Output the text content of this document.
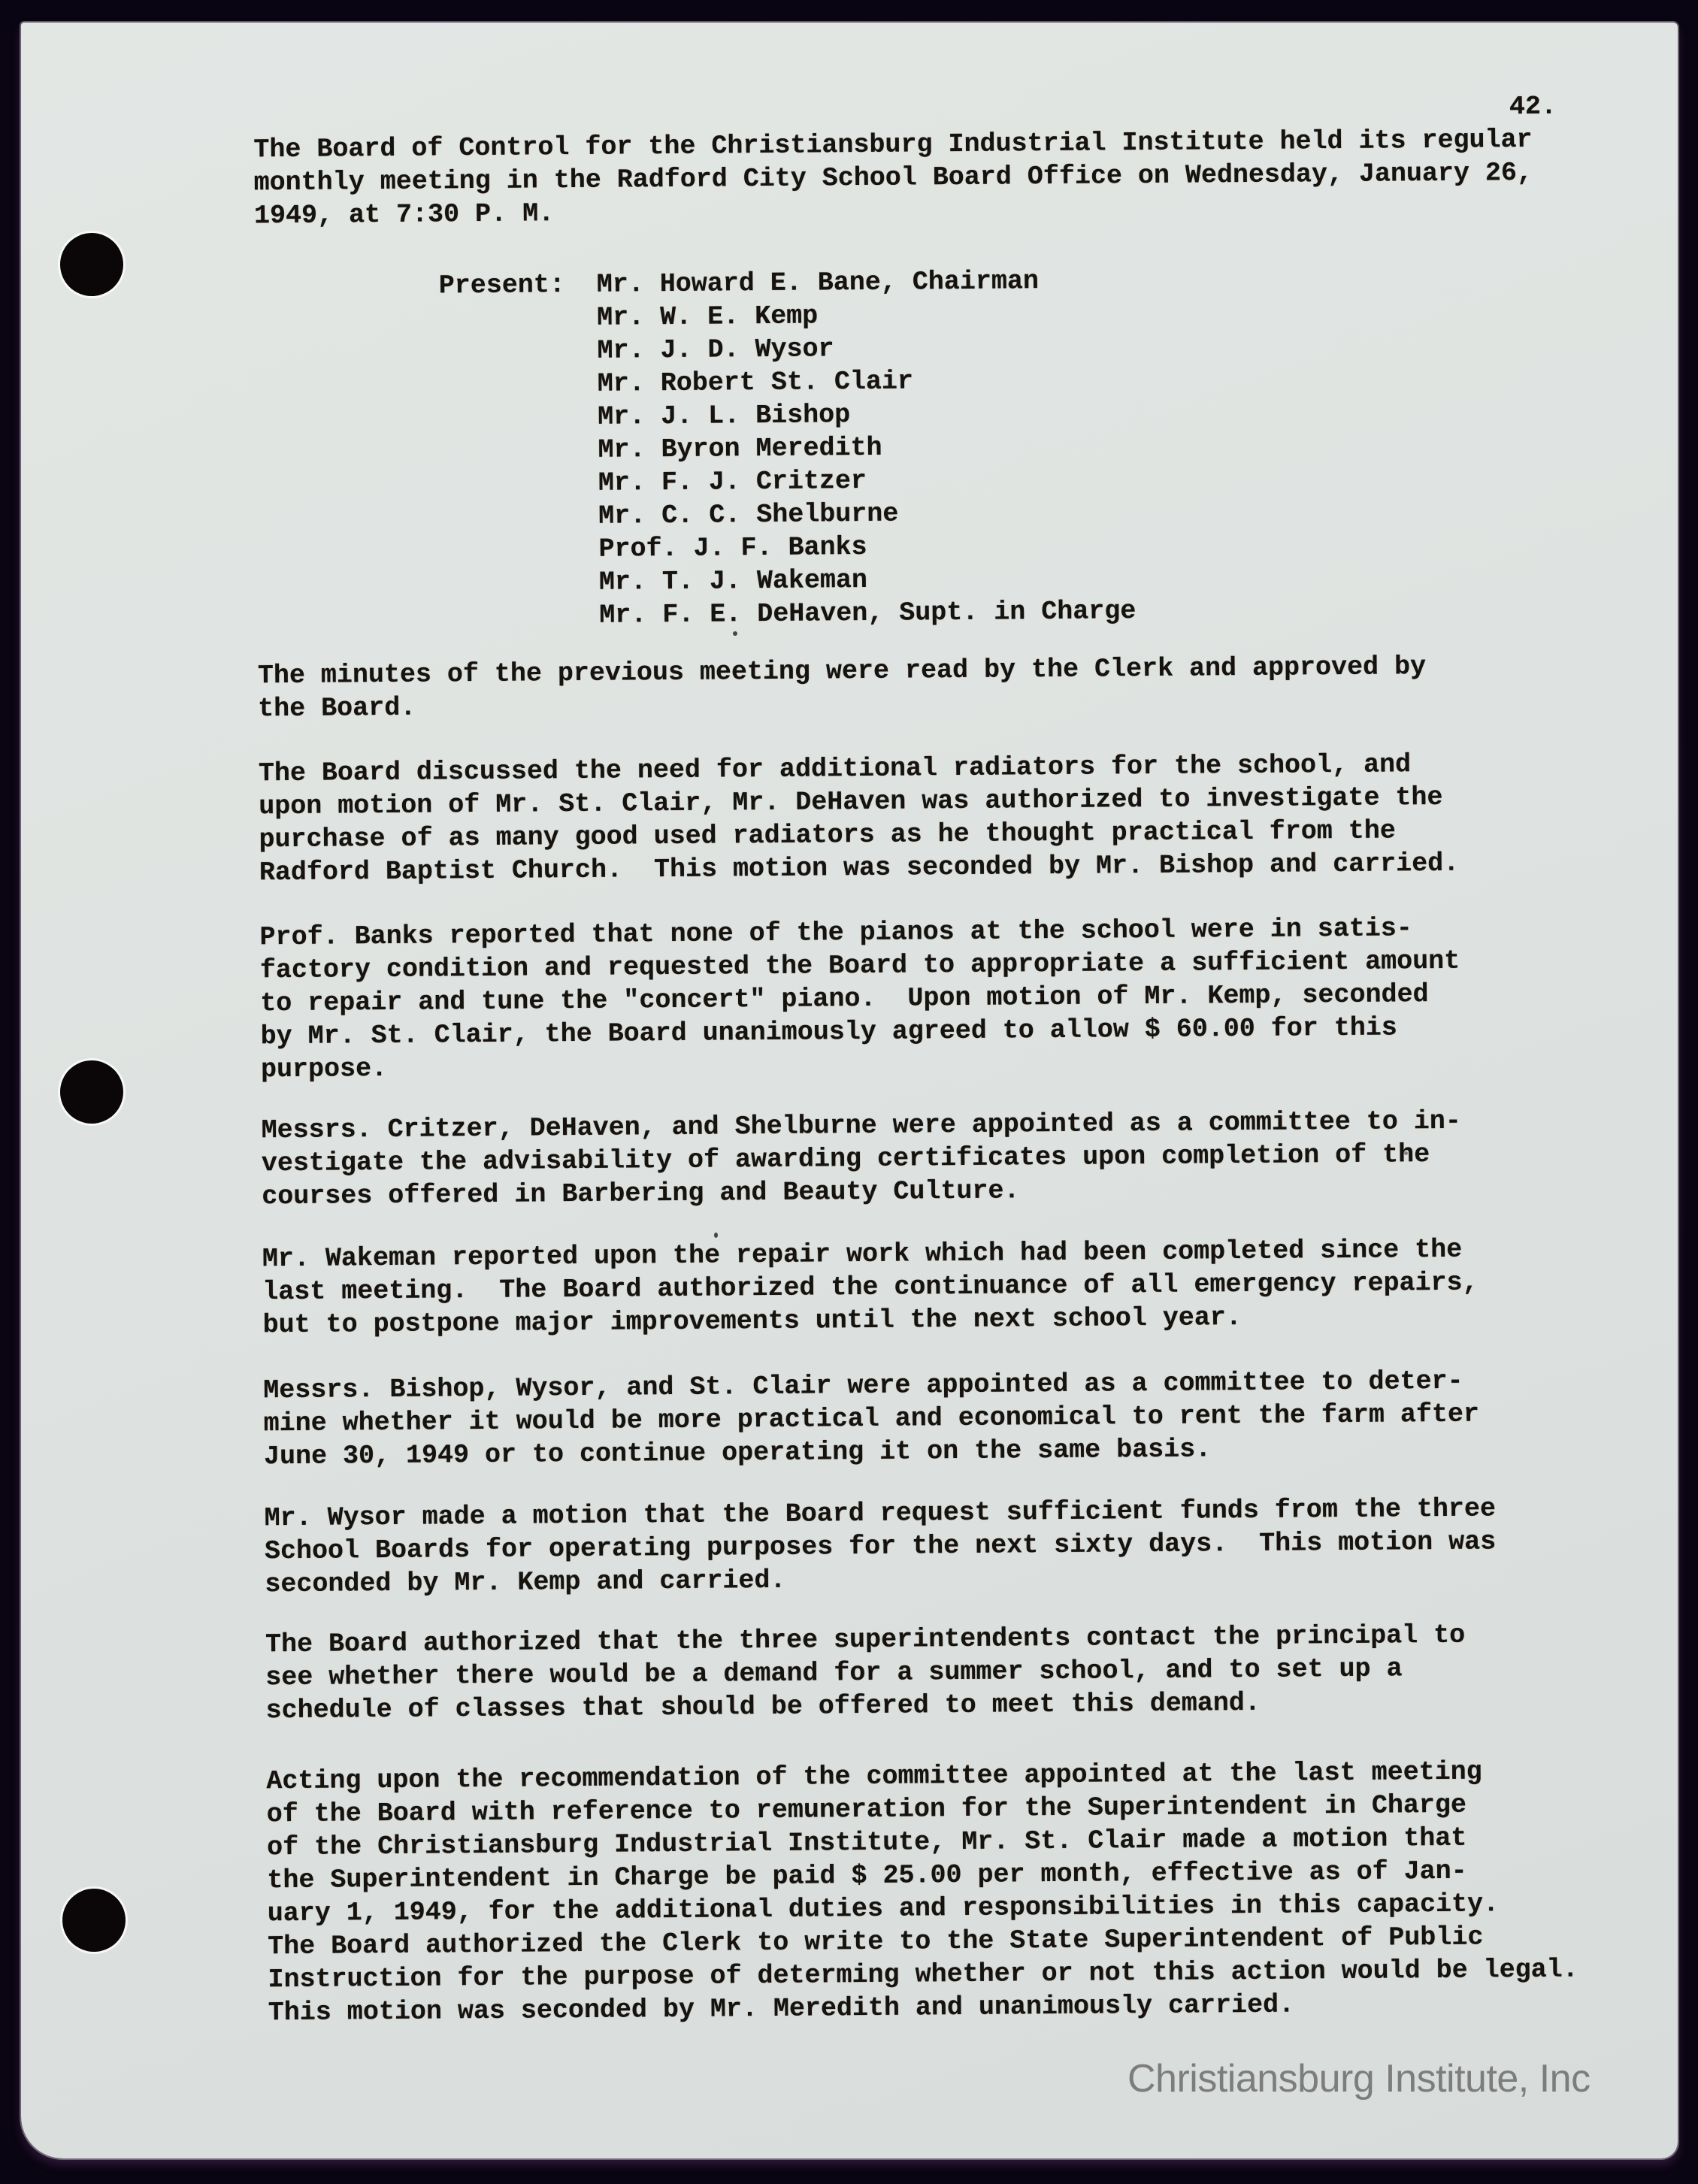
42.
The Board of Control for the Christiansburg Industrial Institute held its regular
monthly meeting in the Radford City School Board Office on Wednesday, January 26,
1949, at 7:30 P. M.
Present: Mr. Howard E. Bane, Chairman
Mr. W. E. Kemp
Mr. J. D. Wysor
Mr. Robert St. Clair
Mr. J. L. Bishop
Mr. Byron Meredith
Mr. F. J. Critzer
Mr. C. C. Shelburne
Prof. J. F. Banks
Mr. T. J. Wakeman
Mr. F. E. DeHaven, Supt. in Charge
The minutes of the previous meeting were read by the Clerk and approved by
the Board.
The Board discussed the need for additional radiators for the school, and
upon motion of Mr. St. Clair, Mr. DeHaven was authorized to investigate the
purchase of as many good used radiators as he thought practical from the
Radford Baptist Church.  This motion was seconded by Mr. Bishop and carried.
Prof. Banks reported that none of the pianos at the school were in satis-
factory condition and requested the Board to appropriate a sufficient amount
to repair and tune the "concert" piano.  Upon motion of Mr. Kemp, seconded
by Mr. St. Clair, the Board unanimously agreed to allow $ 60.00 for this
purpose.
Messrs. Critzer, DeHaven, and Shelburne were appointed as a committee to in-
vestigate the advisability of awarding certificates upon completion of the
courses offered in Barbering and Beauty Culture.
Mr. Wakeman reported upon the repair work which had been completed since the
last meeting.  The Board authorized the continuance of all emergency repairs,
but to postpone major improvements until the next school year.
Messrs. Bishop, Wysor, and St. Clair were appointed as a committee to deter-
mine whether it would be more practical and economical to rent the farm after
June 30, 1949 or to continue operating it on the same basis.
Mr. Wysor made a motion that the Board request sufficient funds from the three
School Boards for operating purposes for the next sixty days.  This motion was
seconded by Mr. Kemp and carried.
The Board authorized that the three superintendents contact the principal to
see whether there would be a demand for a summer school, and to set up a
schedule of classes that should be offered to meet this demand.
Acting upon the recommendation of the committee appointed at the last meeting
of the Board with reference to remuneration for the Superintendent in Charge
of the Christiansburg Industrial Institute, Mr. St. Clair made a motion that
the Superintendent in Charge be paid $ 25.00 per month, effective as of Jan-
uary 1, 1949, for the additional duties and responsibilities in this capacity.
The Board authorized the Clerk to write to the State Superintendent of Public
Instruction for the purpose of determing whether or not this action would be legal.
This motion was seconded by Mr. Meredith and unanimously carried.
Christiansburg Institute, Inc
